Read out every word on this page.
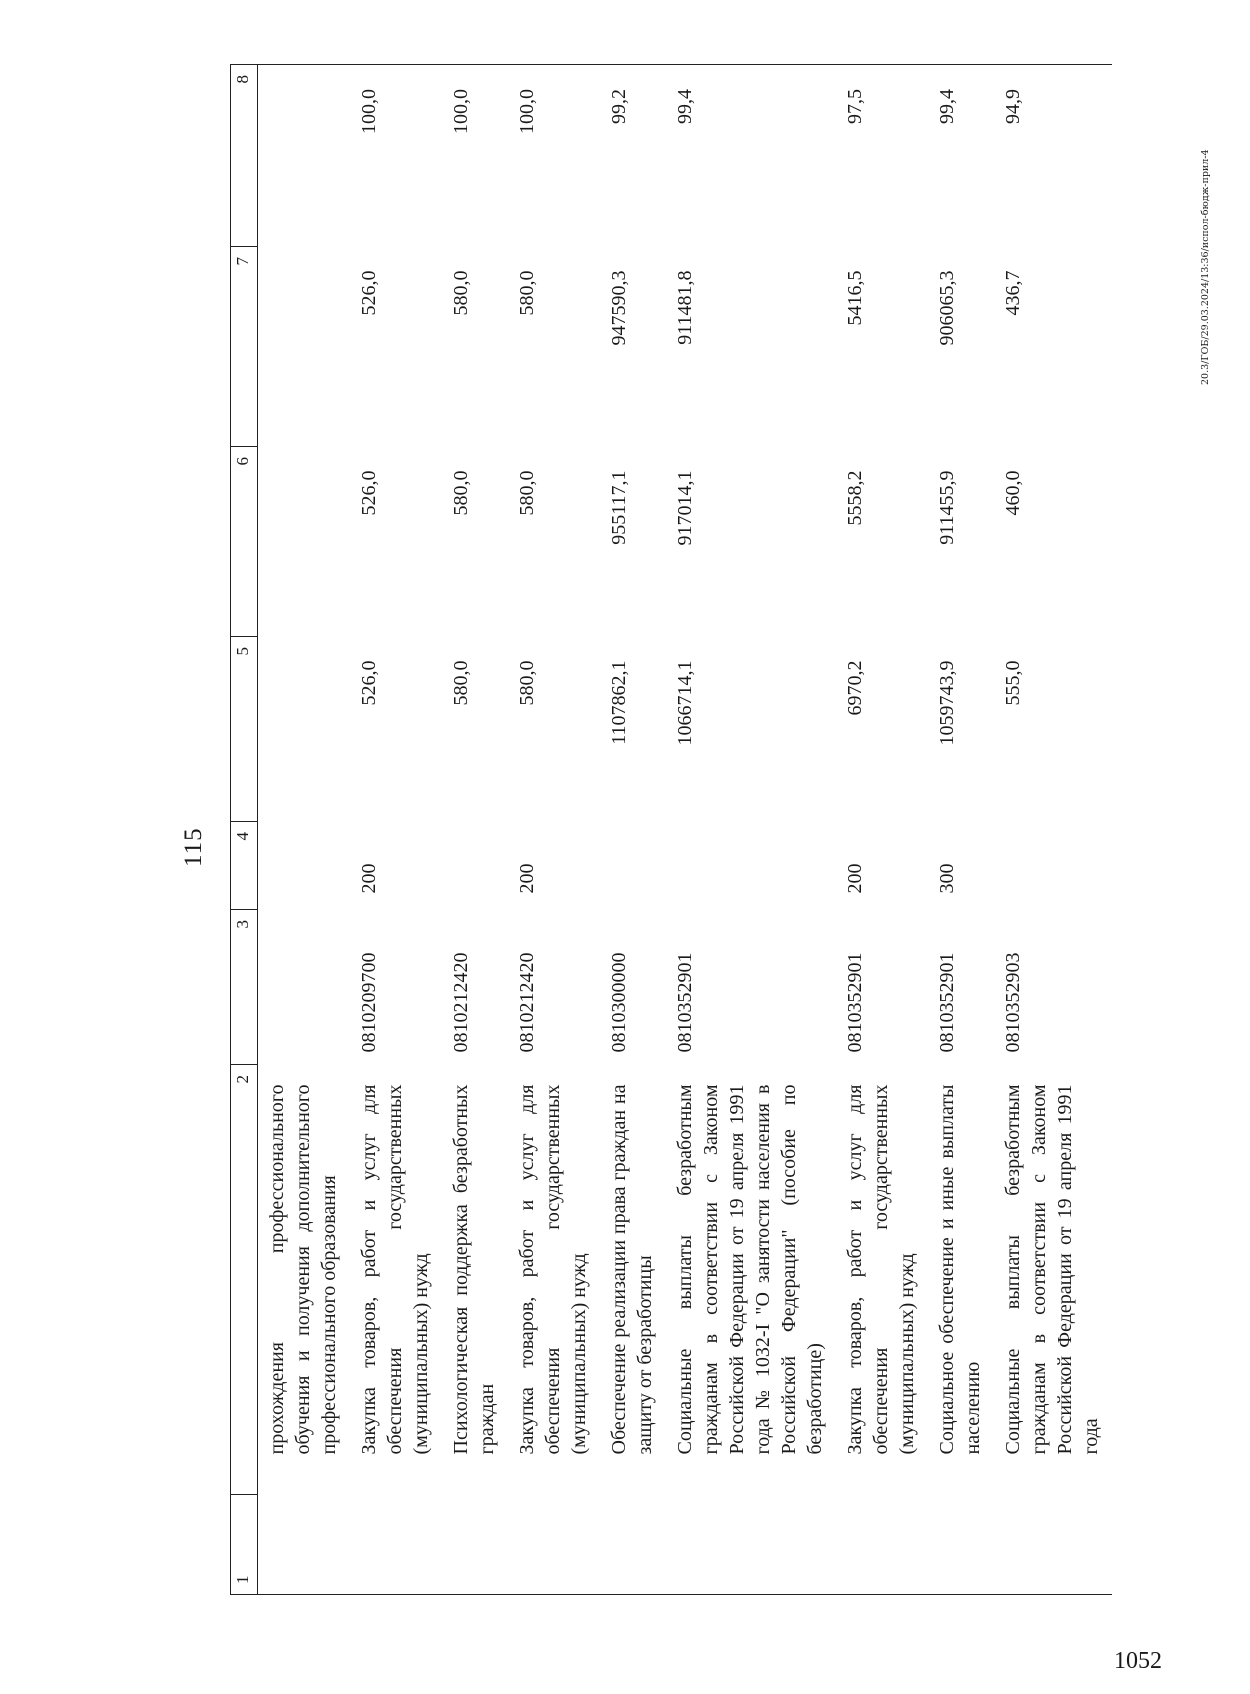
115
1	2	3	4	5	6	7	8
	прохождения профессионального обучения и получения дополнительного профессионального образования						
	Закупка товаров, работ и услуг для обеспечения государственных (муниципальных) нужд	0810209700	200	526,0	526,0	526,0	100,0
	Психологическая поддержка безработных граждан	0810212420		580,0	580,0	580,0	100,0
	Закупка товаров, работ и услуг для обеспечения государственных (муниципальных) нужд	0810212420	200	580,0	580,0	580,0	100,0
	Обеспечение реализации права граждан на защиту от безработицы	0810300000		1107862,1	955117,1	947590,3	99,2
	Социальные выплаты безработным гражданам в соответствии с Законом Российской Федерации от 19 апреля 1991 года № 1032-I "О занятости населения в Российской Федерации" (пособие по безработице)	0810352901		1066714,1	917014,1	911481,8	99,4
	Закупка товаров, работ и услуг для обеспечения государственных (муниципальных) нужд	0810352901	200	6970,2	5558,2	5416,5	97,5
	Социальное обеспечение и иные выплаты населению	0810352901	300	1059743,9	911455,9	906065,3	99,4
	Социальные выплаты безработным гражданам в соответствии с Законом Российской Федерации от 19 апреля 1991 года	0810352903		555,0	460,0	436,7	94,9
20.3/ГОБ/29.03.2024/13:36/испол-бюдж-прил-4
1052
